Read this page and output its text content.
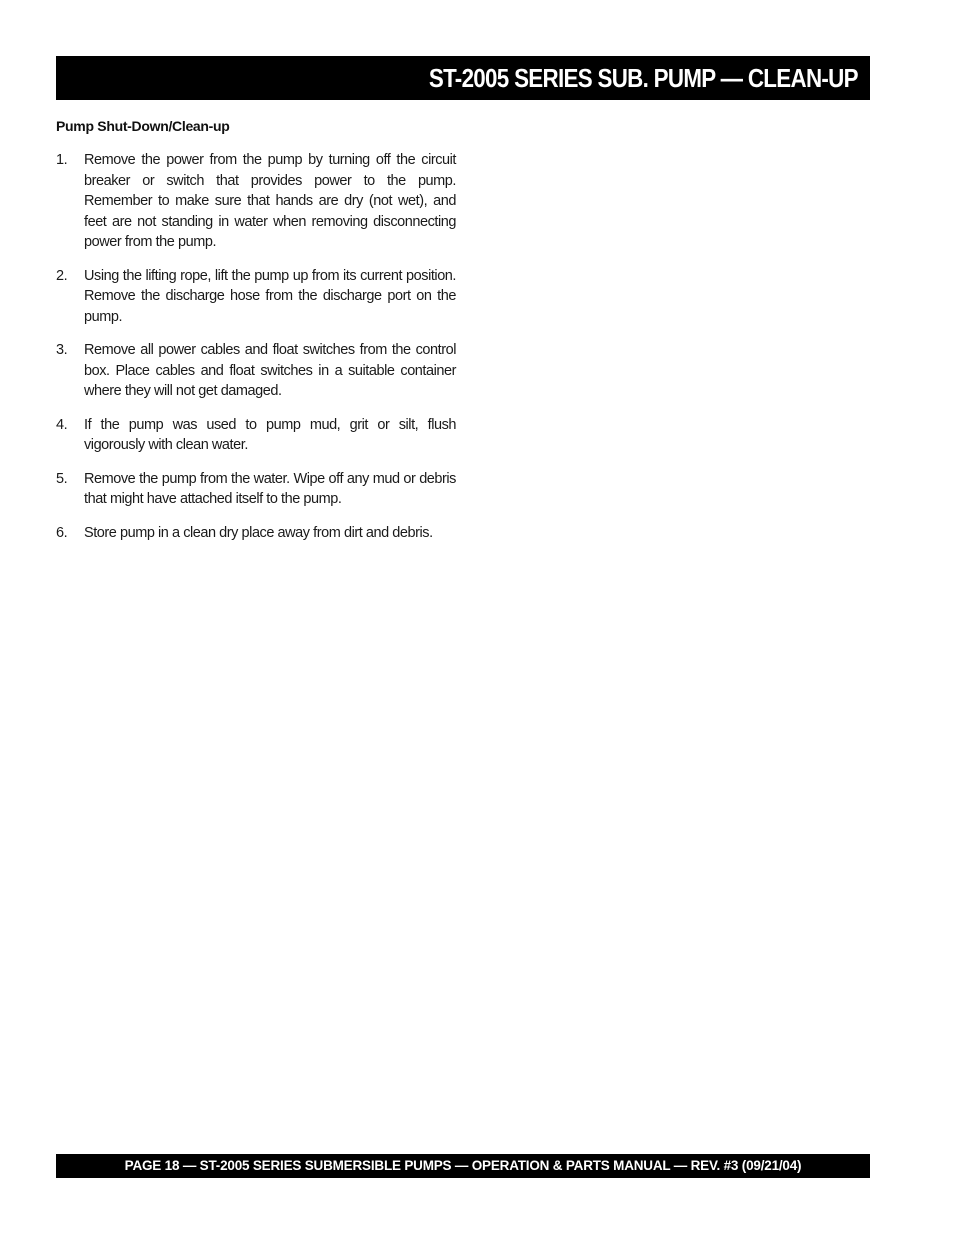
ST-2005 SERIES SUB. PUMP — CLEAN-UP
Pump Shut-Down/Clean-up
1. Remove the power from the pump by turning off the circuit breaker or switch that provides power to the pump. Remember to make sure that hands are dry (not wet), and feet are not standing in water when removing disconnecting power from the pump.
2. Using the lifting rope, lift the pump up from its current position. Remove the discharge hose from the discharge port on the pump.
3. Remove all power cables and float switches from the control box. Place cables and float switches in a suitable container where they will not get damaged.
4. If the pump was used to pump mud, grit or silt, flush vigorously with clean water.
5. Remove the pump from the water. Wipe off any mud or debris that might have attached itself to the pump.
6. Store pump in a clean dry place away from dirt and debris.
PAGE 18 — ST-2005 SERIES SUBMERSIBLE PUMPS — OPERATION & PARTS MANUAL — REV. #3 (09/21/04)
